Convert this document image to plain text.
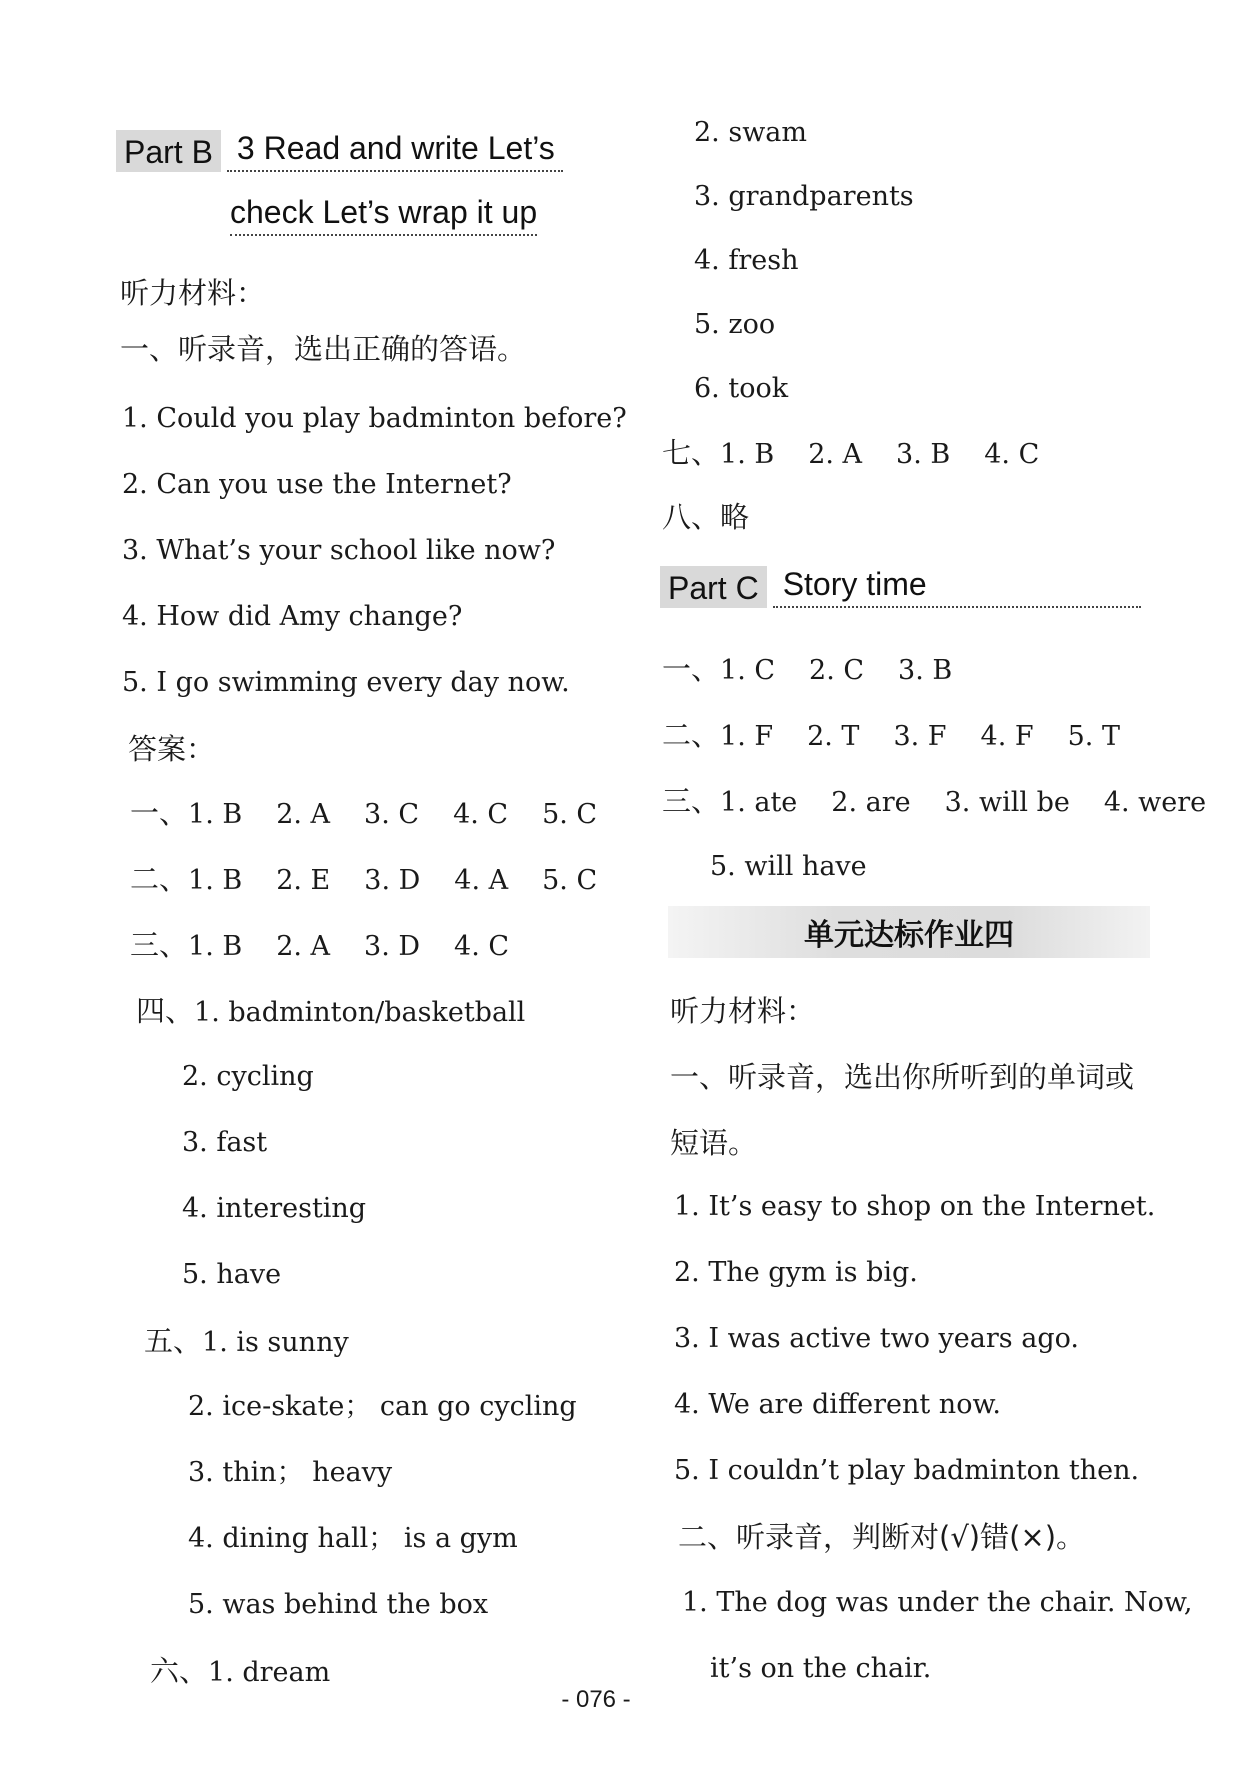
Part B 3 Read and write Let’s
check Let’s wrap it up
听力材料：
一、听录音，选出正确的答语。
1. Could you play badminton before?
2. Can you use the Internet?
3. What’s your school like now?
4. How did Amy change?
5. I go swimming every day now.
答案：
一、1. B 2. A 3. C 4. C 5. C
二、1. B 2. E 3. D 4. A 5. C
三、1. B 2. A 3. D 4. C
四、1. badminton/basketball
2. cycling
3. fast
4. interesting
5. have
五、1. is sunny
2. ice-skate； can go cycling
3. thin； heavy
4. dining hall； is a gym
5. was behind the box
六、1. dream
2. swam
3. grandparents
4. fresh
5. zoo
6. took
七、1. B 2. A 3. B 4. C
八、略
Part C Story time
一、1. C 2. C 3. B
二、1. F 2. T 3. F 4. F 5. T
三、1. ate 2. are 3. will be 4. were
5. will have
单元达标作业四
听力材料：
一、听录音，选出你所听到的单词或
短语。
1. It’s easy to shop on the Internet.
2. The gym is big.
3. I was active two years ago.
4. We are different now.
5. I couldn’t play badminton then.
二、听录音，判断对(√)错(×)。
1. The dog was under the chair. Now,
it’s on the chair.
- 076 -
